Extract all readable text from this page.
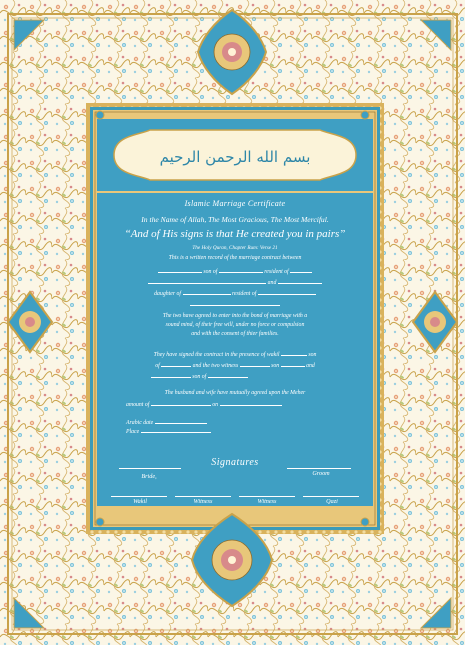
بسم الله الرحمن الرحيم
Islamic Marriage Certificate
In the Name of Allah, The Most Gracious, The Most Merciful.
“And of His signs is that He created you in pairs”
The Holy Quran, Chapter Rum: Verse 21
This is a written record of the marriage contract between
son of	resident of
and
daughter of	resident of
The two have agreed to enter into the bond of marriage with a
sound mind, of their free will, under no force or compulsion
and with the consent of thier families.
They have signed the contract in the presence of wakil	son
of	and the two witness	son	and
son of
The husband and wife have mutually agreed upon the Meher
amount of	on
Arabic date
Place
Signatures
Bride,	Groom
Wakil	Witness	Witness	Qazi
